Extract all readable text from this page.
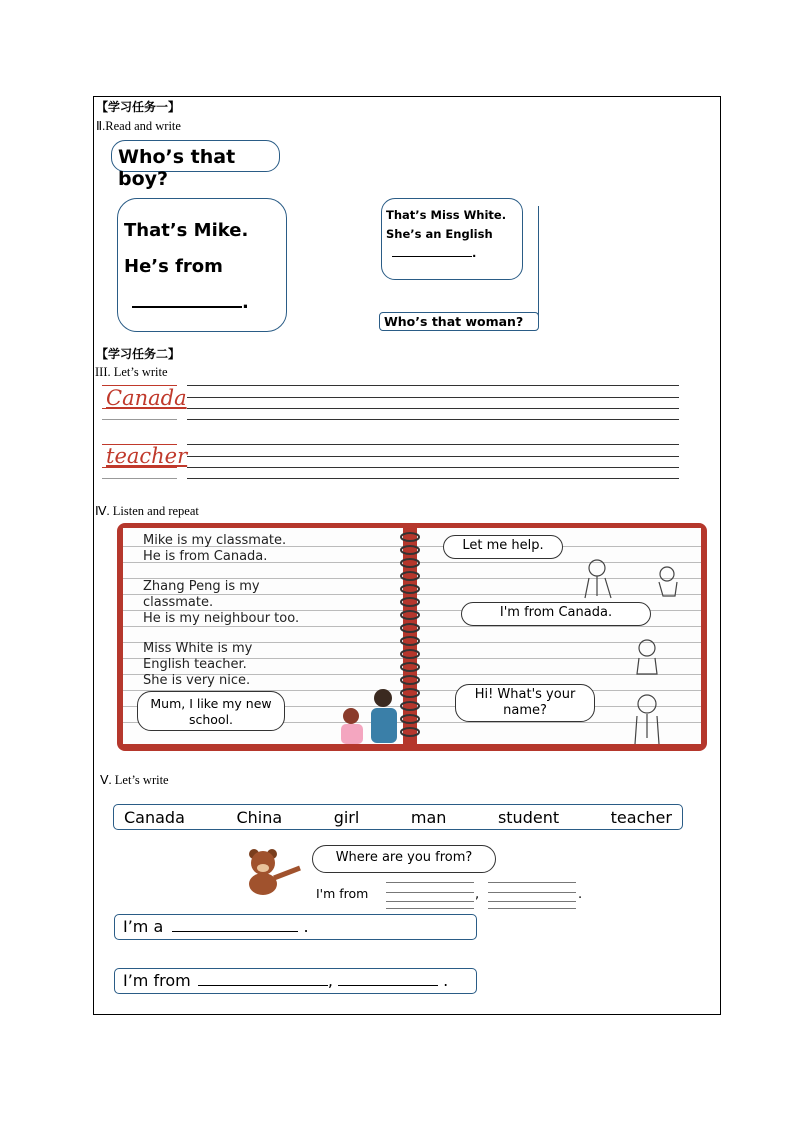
【学习任务一】
Ⅱ.Read and write
Who’s that boy?
That’s Mike.
He’s from
.
That’s Miss White.
She’s an English
.
Who’s that woman?
【学习任务二】
III. Let’s write
Canada
teacher
Ⅳ. Listen and repeat
Mike is my classmate.
He is from Canada.
Zhang Peng is my
classmate.
He is my neighbour too.
Miss White is my
English teacher.
She is very nice.
Mum, I like my new school.
Let me help.
I'm from Canada.
Hi! What's your name?
Ⅴ. Let’s write
Canada	China	girl	man	student	teacher
Where are you from?
I'm from	,	.
I’m a	.
I’m from	,	.
